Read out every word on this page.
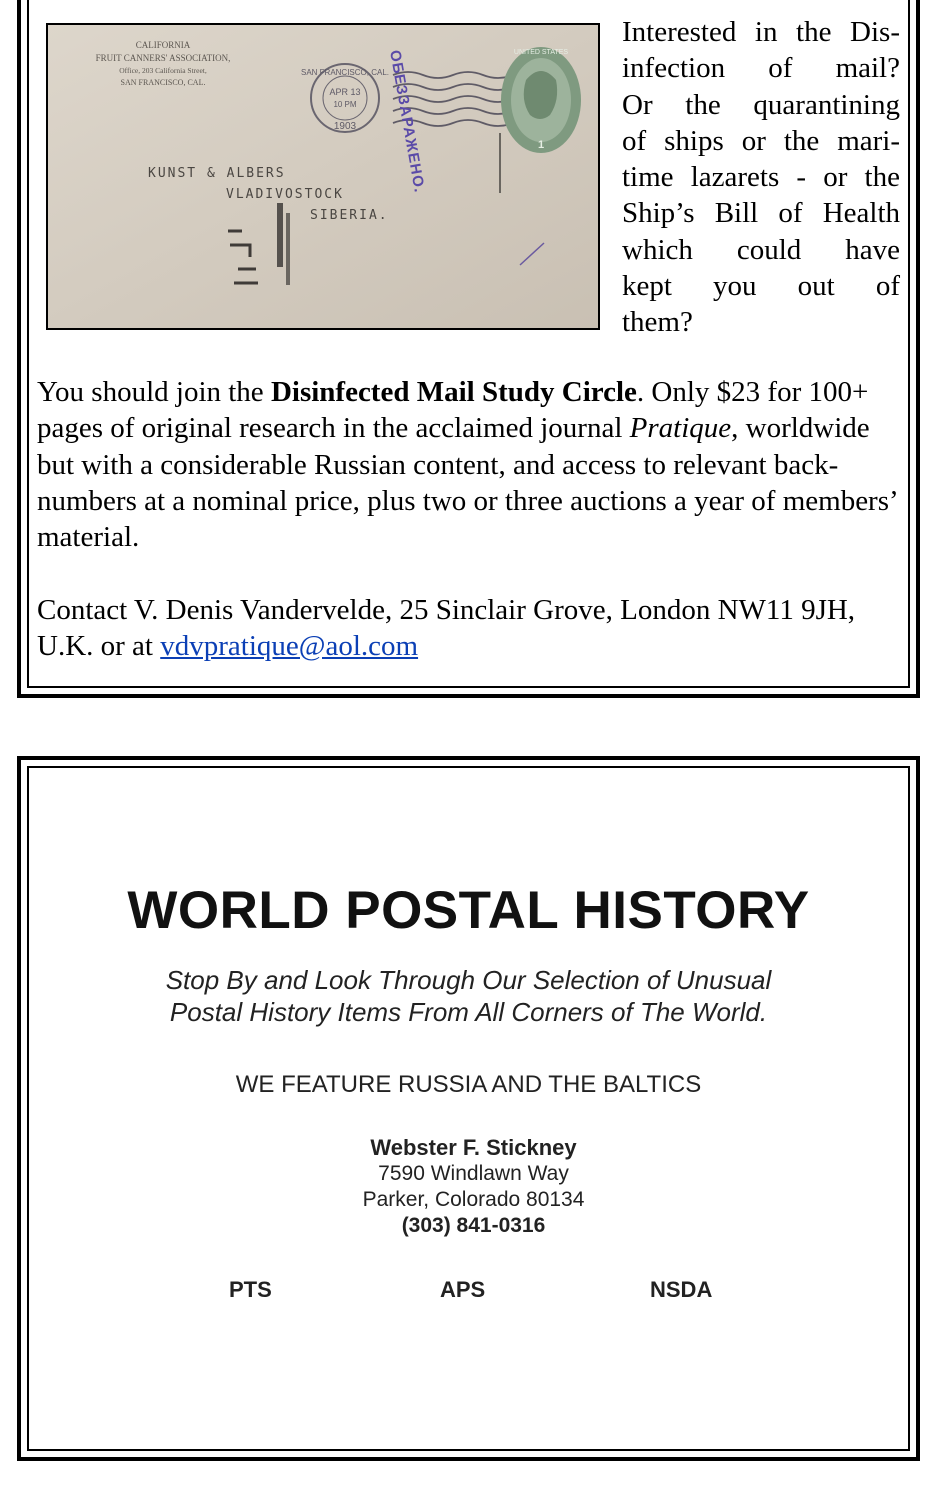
CALIFORNIA
FRUIT CANNERS' ASSOCIATION,
Office, 203 California Street,
SAN FRANCISCO, CAL.
SAN FRANCISCO, CAL.
APR 13
10 PM
1903 ОБЕЗЗАРАЖЕНО.	UNITED STATES
1
KUNST & ALBERS
VLADIVOSTOCK
SIBERIA.
Interested in the Dis-
infection of mail?
Or the quarantining
of ships or the mari-
time lazarets - or the
Ship’s Bill of Health
which could have
kept you out of
them?

You should join the Disinfected Mail Study Circle. Only $23 for 100+ pages of original research in the acclaimed journal Pratique, worldwide but with a considerable Russian content, and access to relevant back-numbers at a nominal price, plus two or three auctions a year of members’ material.

Contact V. Denis Vandervelde, 25 Sinclair Grove, London NW11 9JH, U.K. or at vdvpratique@aol.com

WORLD POSTAL HISTORY
Stop By and Look Through Our Selection of Unusual
Postal History Items From All Corners of The World.
WE FEATURE RUSSIA AND THE BALTICS
Webster F. Stickney
7590 Windlawn Way
Parker, Colorado 80134
(303) 841-0316
PTS	APS	NSDA
